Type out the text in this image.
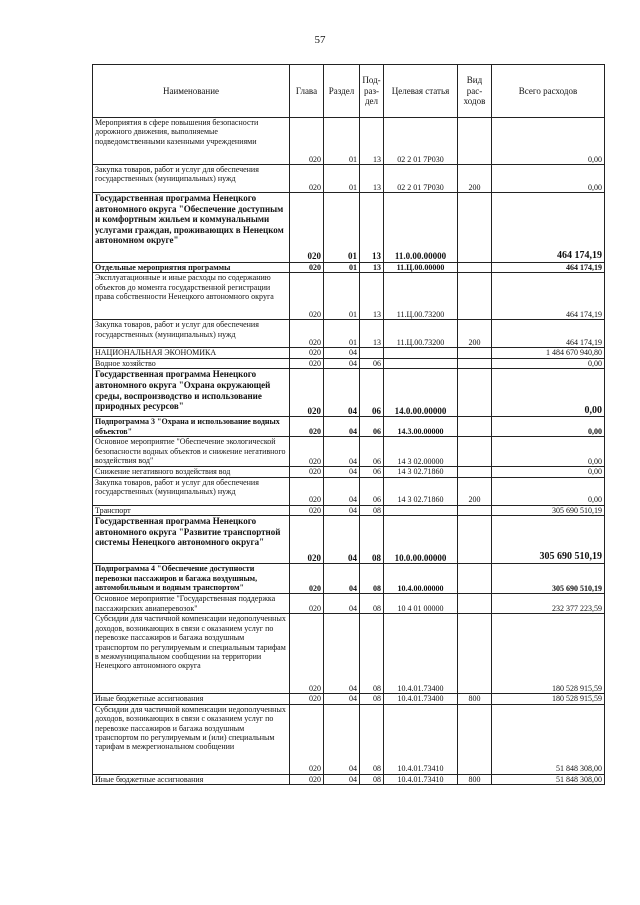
57
Наименование	Глава	Раздел	Под-раз-дел	Целевая статья	Вид рас-ходов	Всего расходов
Мероприятия в сфере повышения безопасности дорожного движения, выполняемые подведомственными казенными учреждениями	020	01	13	02 2 01 7Р030		0,00
Закупка товаров, работ и услуг для обеспечения государственных (муниципальных) нужд	020	01	13	02 2 01 7Р030	200	0,00
Государственная программа Ненецкого автономного округа "Обеспечение доступным и комфортным жильем и коммунальными услугами граждан, проживающих в Ненецком автономном округе"	020	01	13	11.0.00.00000		464 174,19
Отдельные мероприятия программы	020	01	13	11.Ц.00.00000		464 174,19
Эксплуатационные и иные расходы по содержанию объектов до момента государственной регистрации права собственности Ненецкого автономного округа	020	01	13	11.Ц.00.73200		464 174,19
Закупка товаров, работ и услуг для обеспечения государственных (муниципальных) нужд	020	01	13	11.Ц.00.73200	200	464 174,19
НАЦИОНАЛЬНАЯ ЭКОНОМИКА	020	04				1 484 670 940,80
Водное хозяйство	020	04	06			0,00
Государственная программа Ненецкого автономного округа "Охрана окружающей среды, воспроизводство и использование природных ресурсов"	020	04	06	14.0.00.00000		0,00
Подпрограмма 3 "Охрана и использование водных объектов"	020	04	06	14.3.00.00000		0,00
Основное мероприятие "Обеспечение экологической безопасности водных объектов и снижение негативного воздействия вод"	020	04	06	14 3 02.00000		0,00
Снижение негативного воздействия вод	020	04	06	14 3 02.71860		0,00
Закупка товаров, работ и услуг для обеспечения государственных (муниципальных) нужд	020	04	06	14 3 02.71860	200	0,00
Транспорт	020	04	08			305 690 510,19
Государственная программа Ненецкого автономного округа "Развитие транспортной системы Ненецкого автономного округа"	020	04	08	10.0.00.00000		305 690 510,19
Подпрограмма 4 "Обеспечение доступности перевозки пассажиров и багажа воздушным, автомобильным и водным транспортом"	020	04	08	10.4.00.00000		305 690 510,19
Основное мероприятие "Государственная поддержка пассажирских авиаперевозок"	020	04	08	10 4 01 00000		232 377 223,59
Субсидии для частичной компенсации недополученных доходов, возникающих в связи с оказанием услуг по перевозке пассажиров и багажа воздушным транспортом по регулируемым и специальным тарифам в межмуниципальном сообщении на территории Ненецкого автономного округа	020	04	08	10.4.01.73400		180 528 915,59
Иные бюджетные ассигнования	020	04	08	10.4.01.73400	800	180 528 915,59
Субсидии для частичной компенсации недополученных доходов, возникающих в связи с оказанием услуг по перевозке пассажиров и багажа воздушным транспортом по регулируемым и (или) специальным тарифам в межрегиональном сообщении	020	04	08	10.4.01.73410		51 848 308,00
Иные бюджетные ассигнования	020	04	08	10.4.01.73410	800	51 848 308,00
